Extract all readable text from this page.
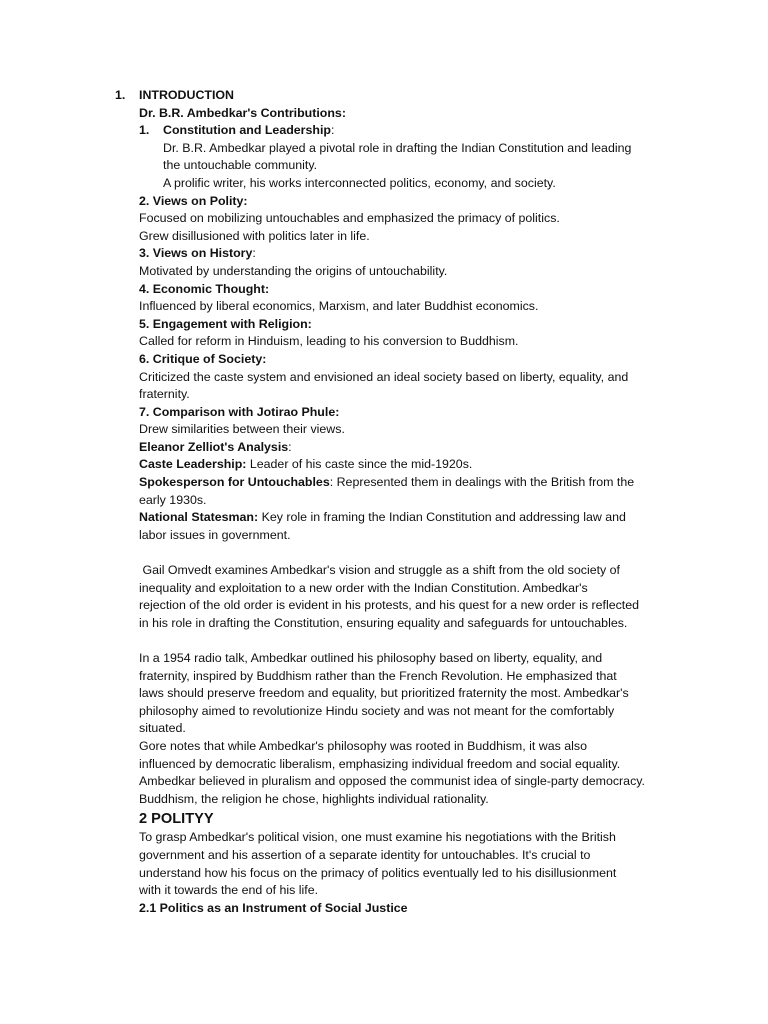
1. INTRODUCTION
Dr. B.R. Ambedkar's Contributions:
1. Constitution and Leadership:
Dr. B.R. Ambedkar played a pivotal role in drafting the Indian Constitution and leading
the untouchable community.
A prolific writer, his works interconnected politics, economy, and society.
2. Views on Polity:
Focused on mobilizing untouchables and emphasized the primacy of politics.
Grew disillusioned with politics later in life.
3. Views on History:
Motivated by understanding the origins of untouchability.
4. Economic Thought:
Influenced by liberal economics, Marxism, and later Buddhist economics.
5. Engagement with Religion:
Called for reform in Hinduism, leading to his conversion to Buddhism.
6. Critique of Society:
Criticized the caste system and envisioned an ideal society based on liberty, equality, and
fraternity.
7. Comparison with Jotirao Phule:
Drew similarities between their views.
Eleanor Zelliot's Analysis:
Caste Leadership: Leader of his caste since the mid-1920s.
Spokesperson for Untouchables: Represented them in dealings with the British from the
early 1930s.
National Statesman: Key role in framing the Indian Constitution and addressing law and
labor issues in government.
Gail Omvedt examines Ambedkar's vision and struggle as a shift from the old society of
inequality and exploitation to a new order with the Indian Constitution. Ambedkar's
rejection of the old order is evident in his protests, and his quest for a new order is reflected
in his role in drafting the Constitution, ensuring equality and safeguards for untouchables.
In a 1954 radio talk, Ambedkar outlined his philosophy based on liberty, equality, and
fraternity, inspired by Buddhism rather than the French Revolution. He emphasized that
laws should preserve freedom and equality, but prioritized fraternity the most. Ambedkar's
philosophy aimed to revolutionize Hindu society and was not meant for the comfortably
situated.
Gore notes that while Ambedkar's philosophy was rooted in Buddhism, it was also
influenced by democratic liberalism, emphasizing individual freedom and social equality.
Ambedkar believed in pluralism and opposed the communist idea of single-party democracy.
Buddhism, the religion he chose, highlights individual rationality.
2 POLITYY
To grasp Ambedkar's political vision, one must examine his negotiations with the British
government and his assertion of a separate identity for untouchables. It's crucial to
understand how his focus on the primacy of politics eventually led to his disillusionment
with it towards the end of his life.
2.1 Politics as an Instrument of Social Justice
